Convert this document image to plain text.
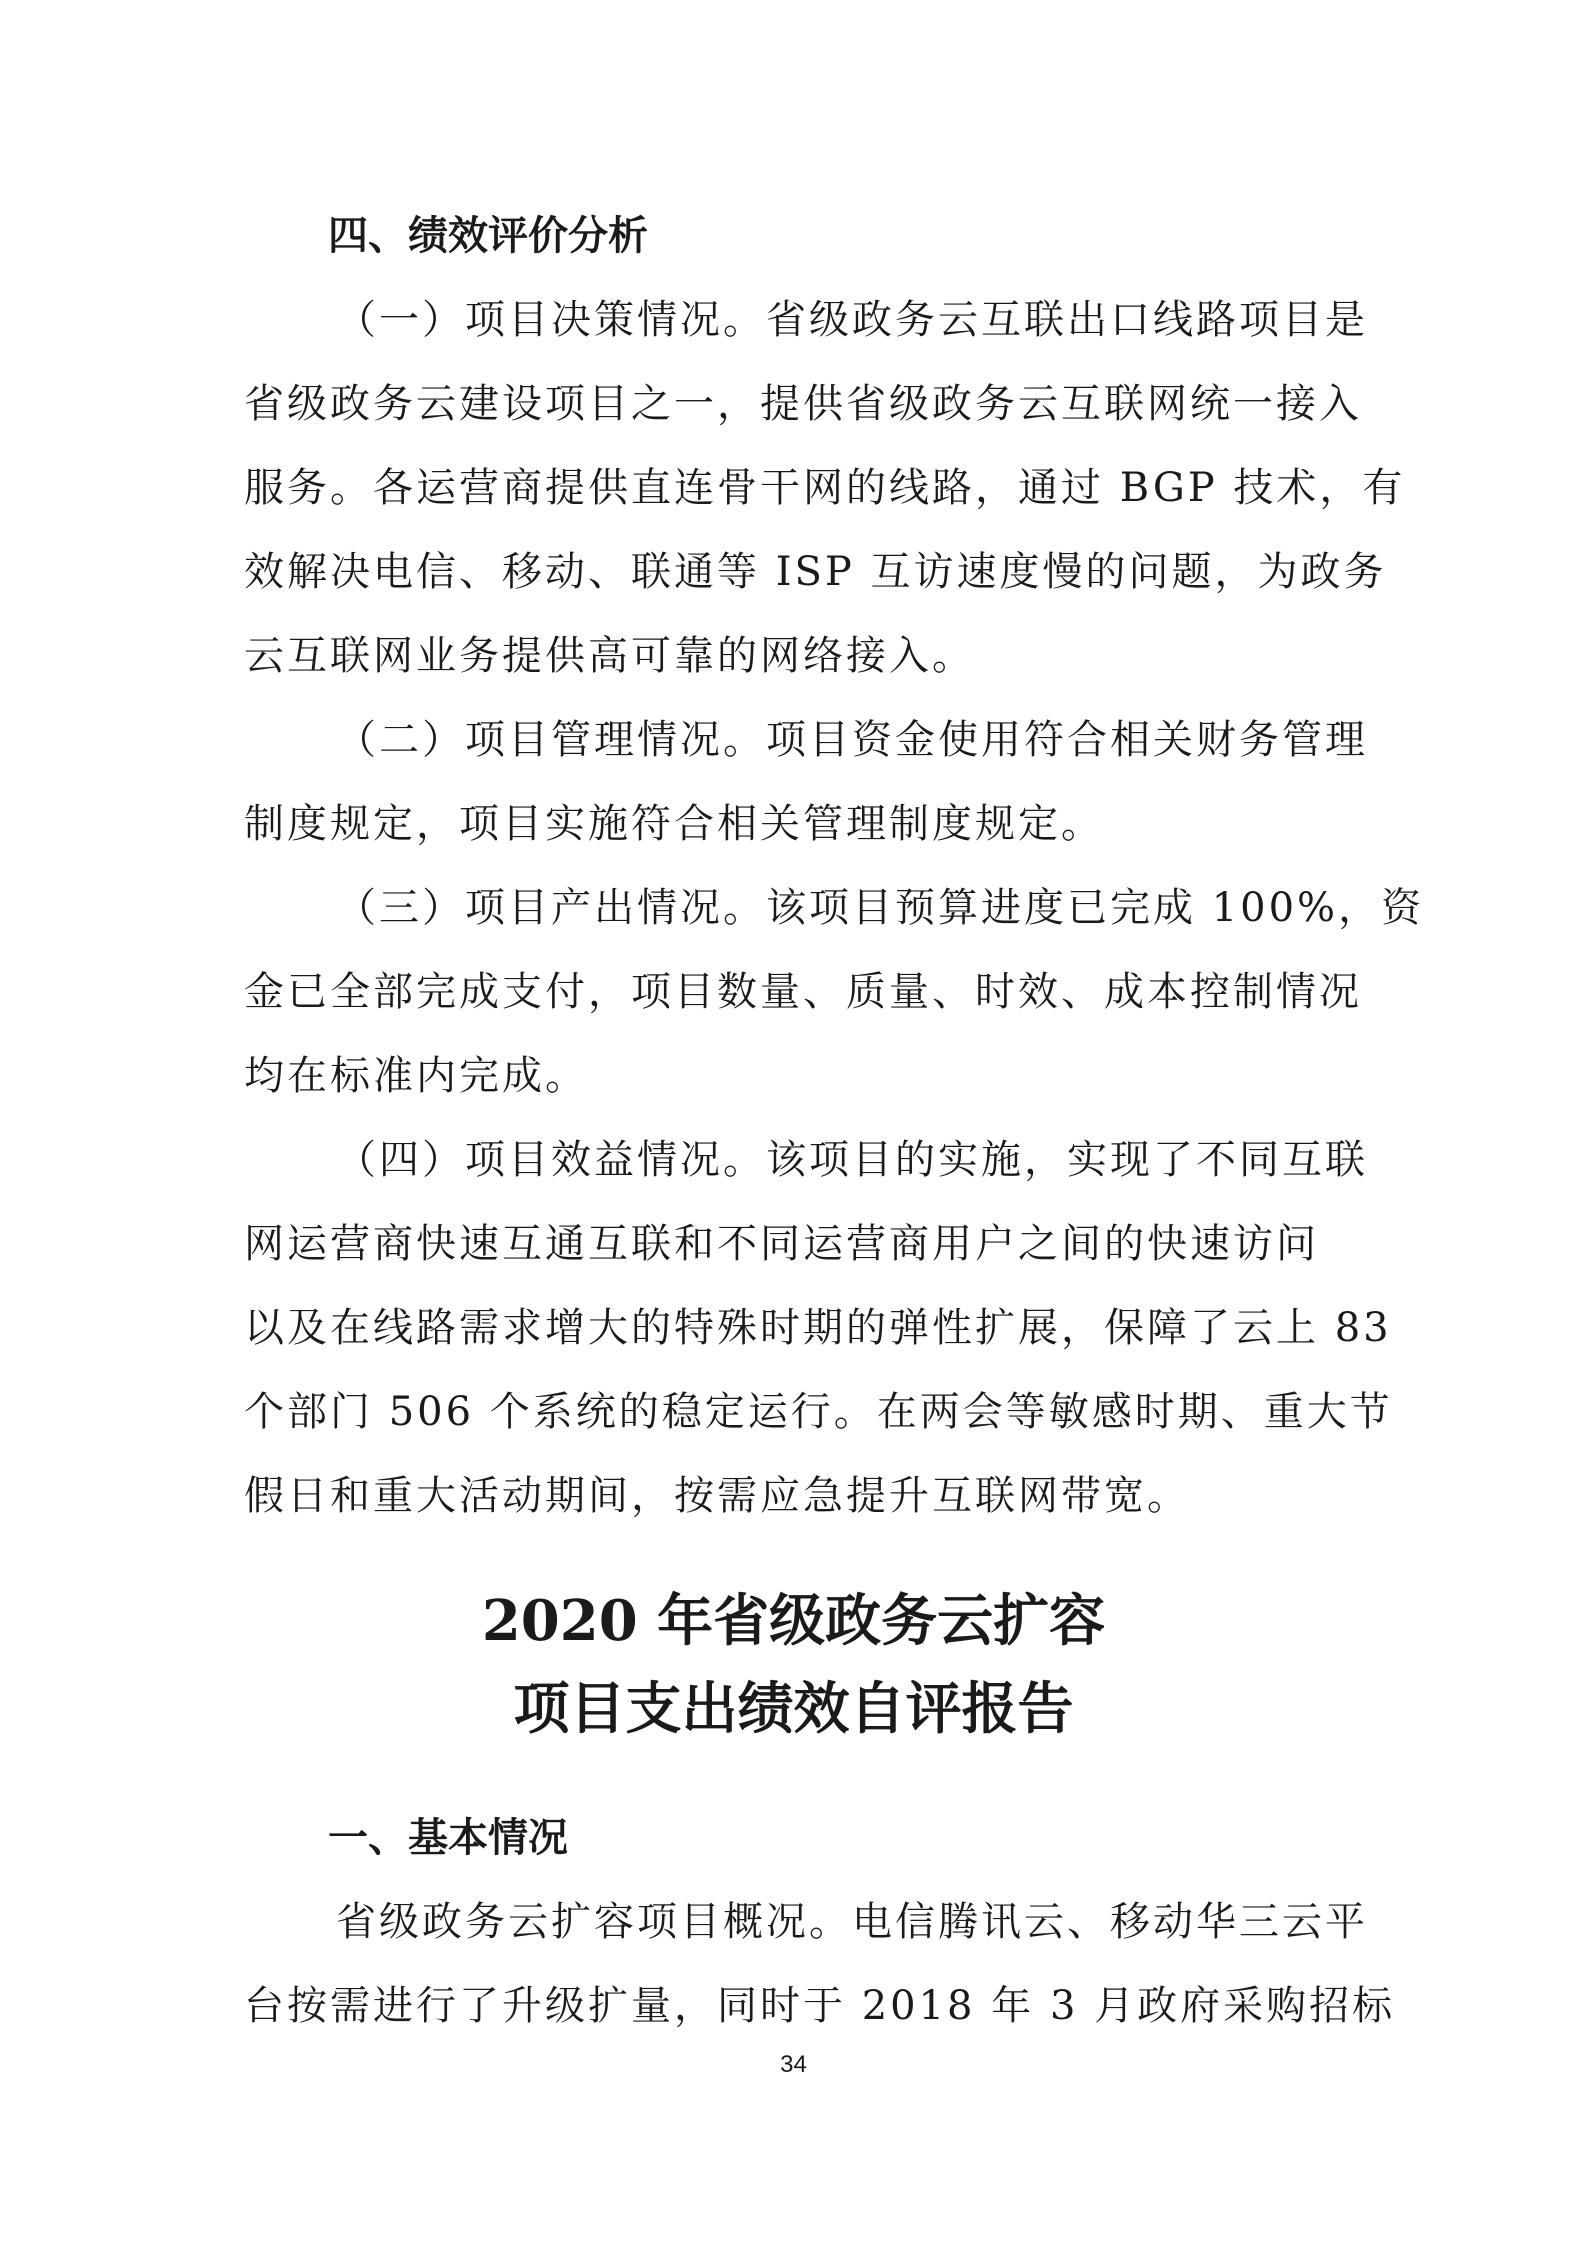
四、绩效评价分析
（一）项目决策情况。省级政务云互联出口线路项目是
省级政务云建设项目之一，提供省级政务云互联网统一接入
服务。各运营商提供直连骨干网的线路，通过 BGP 技术，有
效解决电信、移动、联通等 ISP 互访速度慢的问题，为政务
云互联网业务提供高可靠的网络接入。
（二）项目管理情况。项目资金使用符合相关财务管理
制度规定，项目实施符合相关管理制度规定。
（三）项目产出情况。该项目预算进度已完成 100%，资
金已全部完成支付，项目数量、质量、时效、成本控制情况
均在标准内完成。
（四）项目效益情况。该项目的实施，实现了不同互联
网运营商快速互通互联和不同运营商用户之间的快速访问
以及在线路需求增大的特殊时期的弹性扩展，保障了云上 83
个部门 506 个系统的稳定运行。在两会等敏感时期、重大节
假日和重大活动期间，按需应急提升互联网带宽。
2020 年省级政务云扩容
项目支出绩效自评报告
一、基本情况
省级政务云扩容项目概况。电信腾讯云、移动华三云平
台按需进行了升级扩量，同时于 2018 年 3 月政府采购招标
34
